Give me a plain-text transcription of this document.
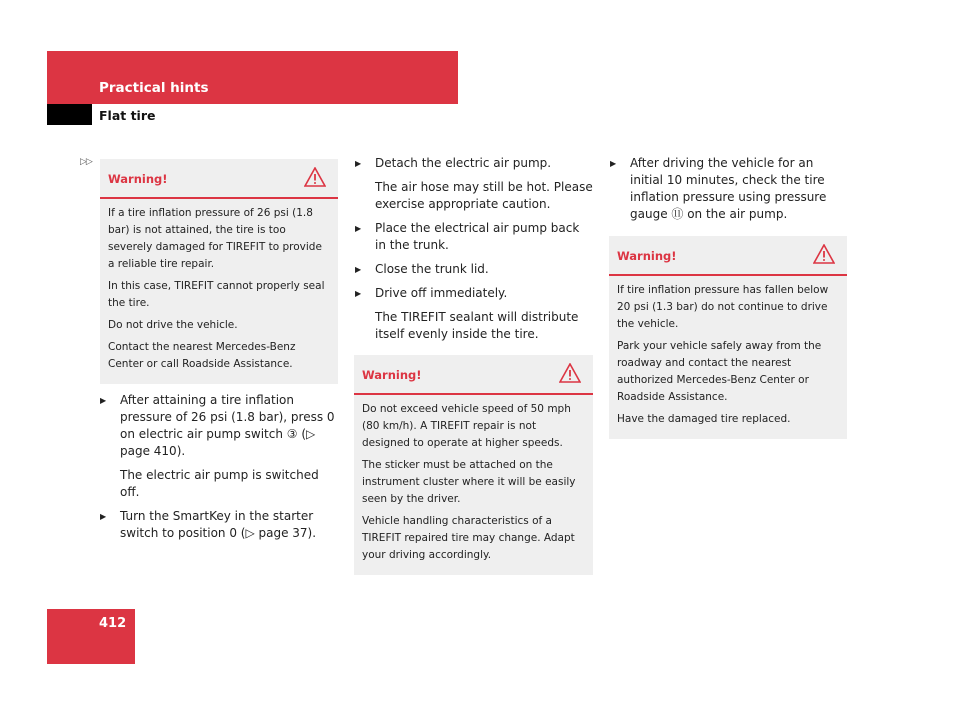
Practical hints
Flat tire
▷▷
Warning!

If a tire inflation pressure of 26 psi (1.8 bar) is not attained, the tire is too severely damaged for TIREFIT to provide a reliable tire repair.

In this case, TIREFIT cannot properly seal the tire.

Do not drive the vehicle.

Contact the nearest Mercedes-Benz Center or call Roadside Assistance.

▶ After attaining a tire inflation pressure of 26 psi (1.8 bar), press 0 on electric air pump switch ③ (▷ page 410).
The electric air pump is switched off.
▶ Turn the SmartKey in the starter switch to position 0 (▷ page 37).
▶ Detach the electric air pump.
The air hose may still be hot. Please exercise appropriate caution.
▶ Place the electrical air pump back in the trunk.
▶ Close the trunk lid.
▶ Drive off immediately.
The TIREFIT sealant will distribute itself evenly inside the tire.
Warning!

Do not exceed vehicle speed of 50 mph (80 km/h). A TIREFIT repair is not designed to operate at higher speeds.

The sticker must be attached on the instrument cluster where it will be easily seen by the driver.

Vehicle handling characteristics of a TIREFIT repaired tire may change. Adapt your driving accordingly.

▶ After driving the vehicle for an initial 10 minutes, check the tire inflation pressure using pressure gauge ⑪ on the air pump.
Warning!

If tire inflation pressure has fallen below 20 psi (1.3 bar) do not continue to drive the vehicle.

Park your vehicle safely away from the roadway and contact the nearest authorized Mercedes-Benz Center or Roadside Assistance.

Have the damaged tire replaced.

412
